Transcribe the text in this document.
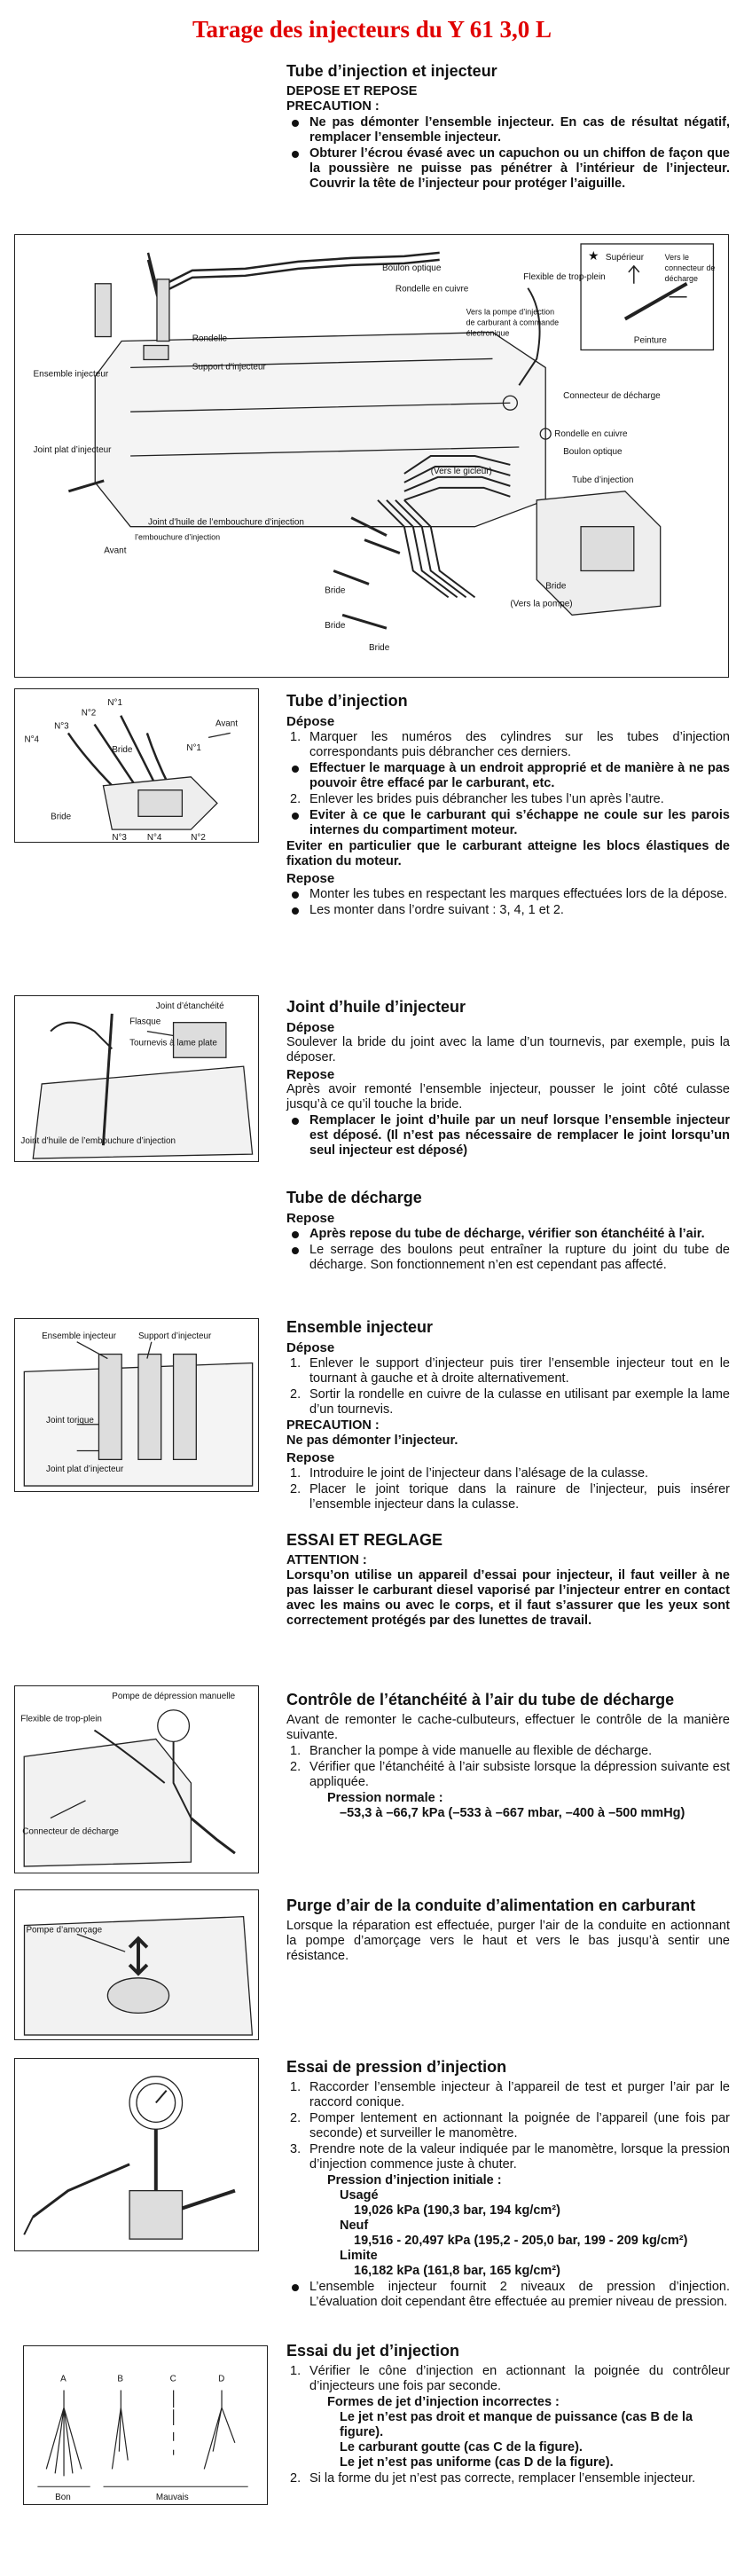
Tarage des injecteurs du Y 61 3,0 L
Tube d’injection et injecteur

DEPOSE ET REPOSE

PRECAUTION :

Ne pas démonter l’ensemble injecteur. En cas de résultat négatif, remplacer l’ensemble injecteur.
Obturer l’écrou évasé avec un capuchon ou un chiffon de façon que la poussière ne puisse pas pénétrer à l’intérieur de l’injecteur. Couvrir la tête de l’injecteur pour protéger l’aiguille.
Boulon optique
Rondelle en cuivre
Flexible de trop-plein
Vers la pompe d’injection
de carburant à commande
électronique
Rondelle
Support d’injecteur
Ensemble injecteur
Joint plat d’injecteur
Connecteur de décharge
Rondelle en cuivre
Boulon optique
(Vers le gicleur)
Tube d’injection
Joint d’huile de l’embouchure d’injection
l’embouchure d’injection
Avant
Bride	Bride
Bride
Bride
(Vers la pompe)
★ Supérieur	Vers le
connecteur de
décharge
Peinture
N°1
N°2
N°3
N°4
Avant
Bride	N°1
Bride
N°2
N°3 N°4
Tube d’injection
Dépose
1. Marquer les numéros des cylindres sur les tubes d’injection correspondants puis débrancher ces derniers.
Effectuer le marquage à un endroit approprié et de manière à ne pas pouvoir être effacé par le carburant, etc.
2. Enlever les brides puis débrancher les tubes l’un après l’autre.
Eviter à ce que le carburant qui s’échappe ne coule sur les parois internes du compartiment moteur.

Eviter en particulier que le carburant atteigne les blocs élastiques de fixation du moteur.

Repose
Monter les tubes en respectant les marques effectuées lors de la dépose.
Les monter dans l’ordre suivant : 3, 4, 1 et 2.
Joint d’étanchéité
Flasque
Tournevis à lame plate
Joint d’huile de l’embouchure d’injection
Joint d’huile d’injecteur
Dépose

Soulever la bride du joint avec la lame d’un tournevis, par exemple, puis la déposer.

Repose

Après avoir remonté l’ensemble injecteur, pousser le joint côté culasse jusqu’à ce qu’il touche la bride.

Remplacer le joint d’huile par un neuf lorsque l’ensemble injecteur est déposé. (Il n’est pas nécessaire de remplacer le joint lorsqu’un seul injecteur est déposé)
Tube de décharge
Repose
Après repose du tube de décharge, vérifier son étanchéité à l’air.
Le serrage des boulons peut entraîner la rupture du joint du tube de décharge. Son fonctionnement n’en est cependant pas affecté.
Ensemble injecteur Support d’injecteur
Joint torique
Joint plat d’injecteur
Ensemble injecteur
Dépose
1. Enlever le support d’injecteur puis tirer l’ensemble injecteur tout en le tournant à gauche et à droite alternativement.
2. Sortir la rondelle en cuivre de la culasse en utilisant par exemple la lame d’un tournevis.

PRECAUTION :

Ne pas démonter l’injecteur.

Repose
1. Introduire le joint de l’injecteur dans l’alésage de la culasse.
2. Placer le joint torique dans la rainure de l’injecteur, puis insérer l’ensemble injecteur dans la culasse.
ESSAI ET REGLAGE

ATTENTION :

Lorsqu’on utilise un appareil d’essai pour injecteur, il faut veiller à ne pas laisser le carburant diesel vaporisé par l’injecteur entrer en contact avec les mains ou avec le corps, et il faut s’assurer que les yeux sont correctement protégés par des lunettes de travail.

Pompe de dépression manuelle
Flexible de trop-plein
Connecteur de décharge
Contrôle de l’étanchéité à l’air du tube de décharge

Avant de remonter le cache-culbuteurs, effectuer le contrôle de la manière suivante.

1. Brancher la pompe à vide manuelle au flexible de décharge.
2. Vérifier que l’étanchéité à l’air subsiste lorsque la dépression suivante est appliquée.

Pression normale :

–53,3 à –66,7 kPa (–533 à –667 mbar, –400 à –500 mmHg)

Pompe d’amorçage
Purge d’air de la conduite d’alimentation en carburant

Lorsque la réparation est effectuée, purger l’air de la conduite en actionnant la pompe d’amorçage vers le haut et vers le bas jusqu’à sentir une résistance.

Essai de pression d’injection
1. Raccorder l’ensemble injecteur à l’appareil de test et purger l’air par le raccord conique.
2. Pomper lentement en actionnant la poignée de l’appareil (une fois par seconde) et surveiller le manomètre.
3. Prendre note de la valeur indiquée par le manomètre, lorsque la pression d’injection commence juste à chuter.

Pression d’injection initiale :

Usagé

19,026 kPa (190,3 bar, 194 kg/cm²)

Neuf

19,516 - 20,497 kPa (195,2 - 205,0 bar, 199 - 209 kg/cm²)

Limite

16,182 kPa (161,8 bar, 165 kg/cm²)

L’ensemble injecteur fournit 2 niveaux de pression d’injection. L’évaluation doit cependant être effectuée au premier niveau de pression.
A	B	C	D
Bon	Mauvais
Essai du jet d’injection
1. Vérifier le cône d’injection en actionnant la poignée du contrôleur d’injecteurs une fois par seconde.

Formes de jet d’injection incorrectes :

Le jet n’est pas droit et manque de puissance (cas B de la figure).

Le carburant goutte (cas C de la figure).

Le jet n’est pas uniforme (cas D de la figure).

2. Si la forme du jet n’est pas correcte, remplacer l’ensemble injecteur.
